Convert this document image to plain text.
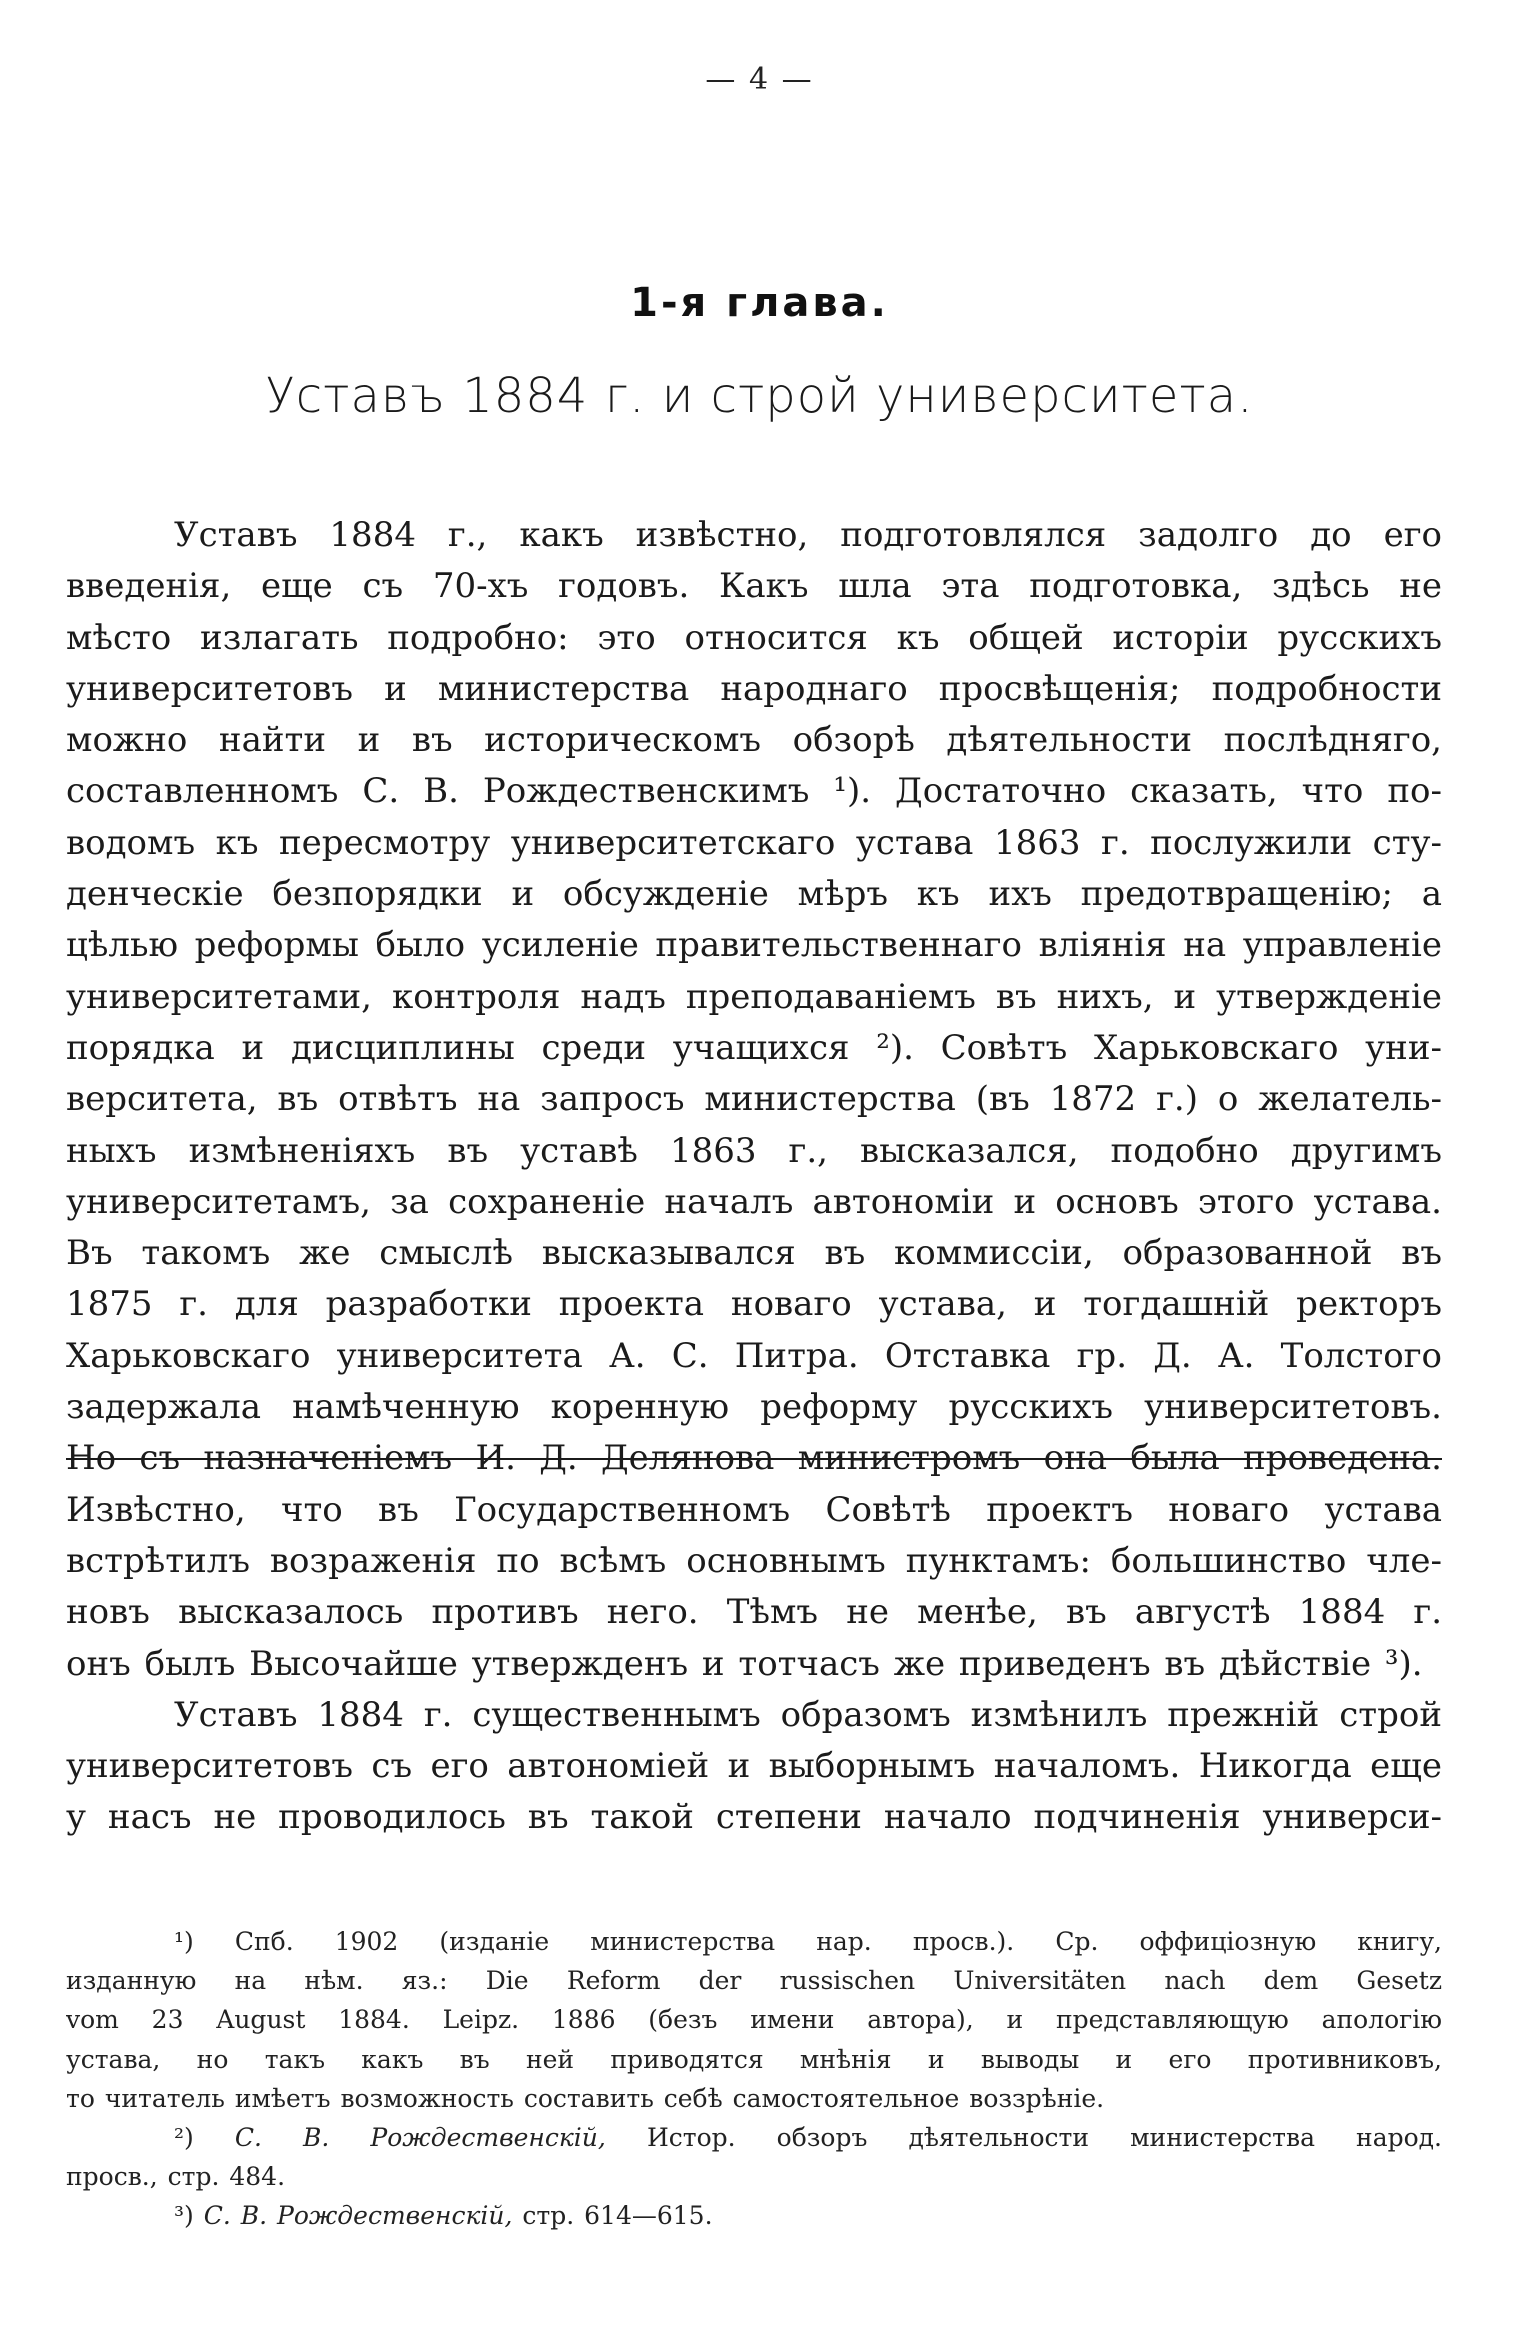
— 4 —
1-я глава.
Уставъ 1884 г. и строй университета.
Уставъ 1884 г., какъ извѣстно, подготовлялся задолго до его
введенія, еще съ 70-хъ годовъ. Какъ шла эта подготовка, здѣсь не
мѣсто излагать подробно: это относится къ общей исторіи русскихъ
университетовъ и министерства народнаго просвѣщенія; подробности
можно найти и въ историческомъ обзорѣ дѣятельности послѣдняго,
составленномъ С. В. Рождественскимъ ¹). Достаточно сказать, что по-
водомъ къ пересмотру университетскаго устава 1863 г. послужили сту-
денческіе безпорядки и обсужденіе мѣръ къ ихъ предотвращенію; а
цѣлью реформы было усиленіе правительственнаго вліянія на управленіе
университетами, контроля надъ преподаваніемъ въ нихъ, и утвержденіе
порядка и дисциплины среди учащихся ²). Совѣтъ Харьковскаго уни-
верситета, въ отвѣтъ на запросъ министерства (въ 1872 г.) о желатель-
ныхъ измѣненіяхъ въ уставѣ 1863 г., высказался, подобно другимъ
университетамъ, за сохраненіе началъ автономіи и основъ этого устава.
Въ такомъ же смыслѣ высказывался въ коммиссіи, образованной въ
1875 г. для разработки проекта новаго устава, и тогдашній ректоръ
Харьковскаго университета А. С. Питра. Отставка гр. Д. А. Толстого
задержала намѣченную коренную реформу русскихъ университетовъ.
Но съ назначеніемъ И. Д. Делянова министромъ она была проведена.
Извѣстно, что въ Государственномъ Совѣтѣ проектъ новаго устава
встрѣтилъ возраженія по всѣмъ основнымъ пунктамъ: большинство чле-
новъ высказалось противъ него. Тѣмъ не менѣе, въ августѣ 1884 г.
онъ былъ Высочайше утвержденъ и тотчасъ же приведенъ въ дѣйствіе ³).
Уставъ 1884 г. существеннымъ образомъ измѣнилъ прежній строй
университетовъ съ его автономіей и выборнымъ началомъ. Никогда еще
у насъ не проводилось въ такой степени начало подчиненія универси-
¹) Спб. 1902 (изданіе министерства нар. просв.). Ср. оффиціозную книгу,
изданную на нѣм. яз.: Die Reform der russischen Universitäten nach dem Gesetz
vom 23 August 1884. Leipz. 1886 (безъ имени автора), и представляющую апологію
устава, но такъ какъ въ ней приводятся мнѣнія и выводы и его противниковъ,
то читатель имѣетъ возможность составить себѣ самостоятельное воззрѣніе.
²) С. В. Рождественскій, Истор. обзоръ дѣятельности министерства народ.
просв., стр. 484.
³) С. В. Рождественскій, стр. 614—615.
